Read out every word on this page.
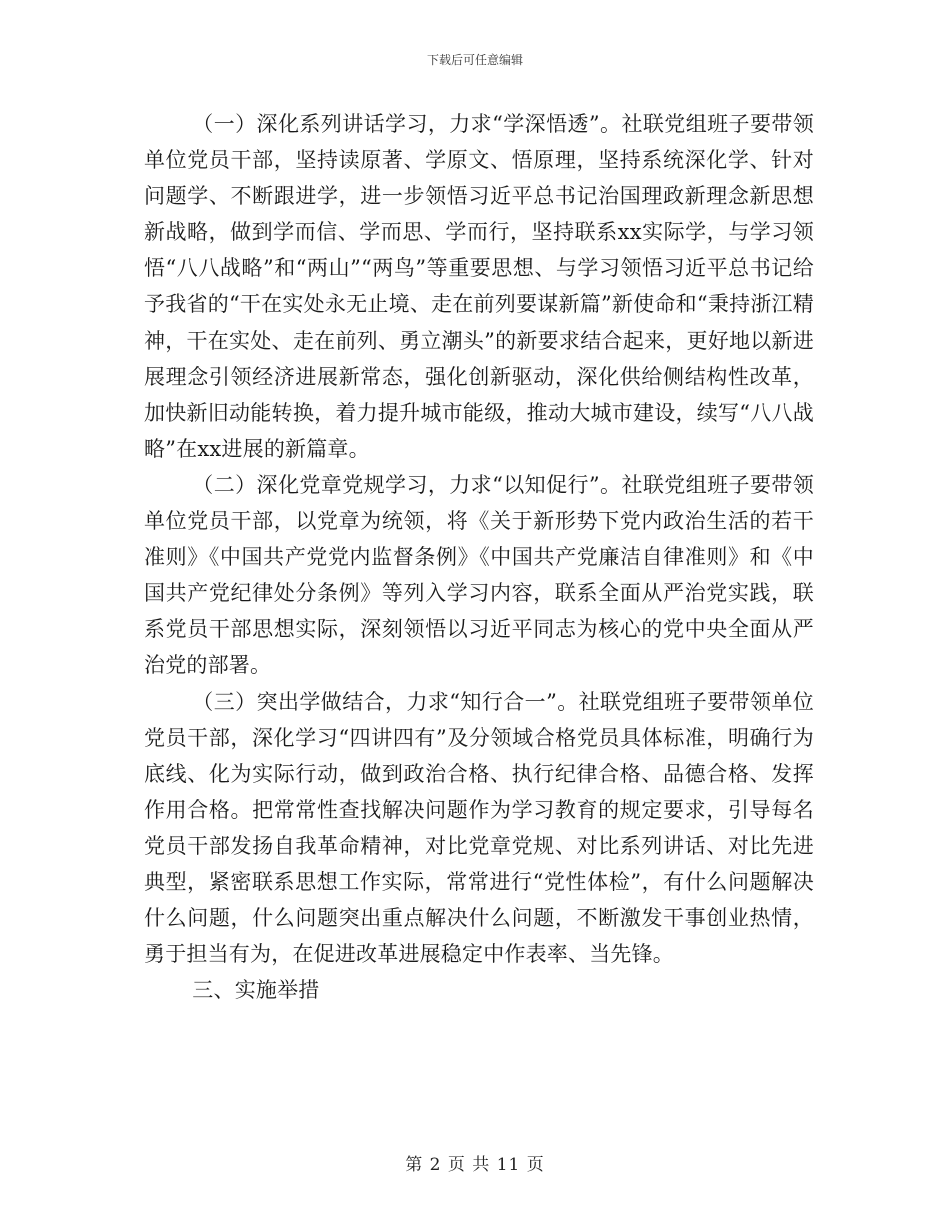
下载后可任意编辑

（一）深化系列讲话学习，力求“学深悟透”。社联党组班子要带领单位党员干部，坚持读原著、学原文、悟原理，坚持系统深化学、针对问题学、不断跟进学，进一步领悟习近平总书记治国理政新理念新思想新战略，做到学而信、学而思、学而行，坚持联系xx实际学，与学习领悟“八八战略”和“两山”“两鸟”等重要思想、与学习领悟习近平总书记给予我省的“干在实处永无止境、走在前列要谋新篇”新使命和“秉持浙江精神，干在实处、走在前列、勇立潮头”的新要求结合起来，更好地以新进展理念引领经济进展新常态，强化创新驱动，深化供给侧结构性改革，加快新旧动能转换，着力提升城市能级，推动大城市建设，续写“八八战略”在xx进展的新篇章。

（二）深化党章党规学习，力求“以知促行”。社联党组班子要带领单位党员干部，以党章为统领，将《关于新形势下党内政治生活的若干准则》《中国共产党党内监督条例》《中国共产党廉洁自律准则》和《中国共产党纪律处分条例》等列入学习内容，联系全面从严治党实践，联系党员干部思想实际，深刻领悟以习近平同志为核心的党中央全面从严治党的部署。

（三）突出学做结合，力求“知行合一”。社联党组班子要带领单位党员干部，深化学习“四讲四有”及分领域合格党员具体标准，明确行为底线、化为实际行动，做到政治合格、执行纪律合格、品德合格、发挥作用合格。把常常性查找解决问题作为学习教育的规定要求，引导每名党员干部发扬自我革命精神，对比党章党规、对比系列讲话、对比先进典型，紧密联系思想工作实际，常常进行“党性体检”，有什么问题解决什么问题，什么问题突出重点解决什么问题，不断激发干事创业热情，勇于担当有为，在促进改革进展稳定中作表率、当先锋。

三、实施举措

第 2 页 共 11 页
